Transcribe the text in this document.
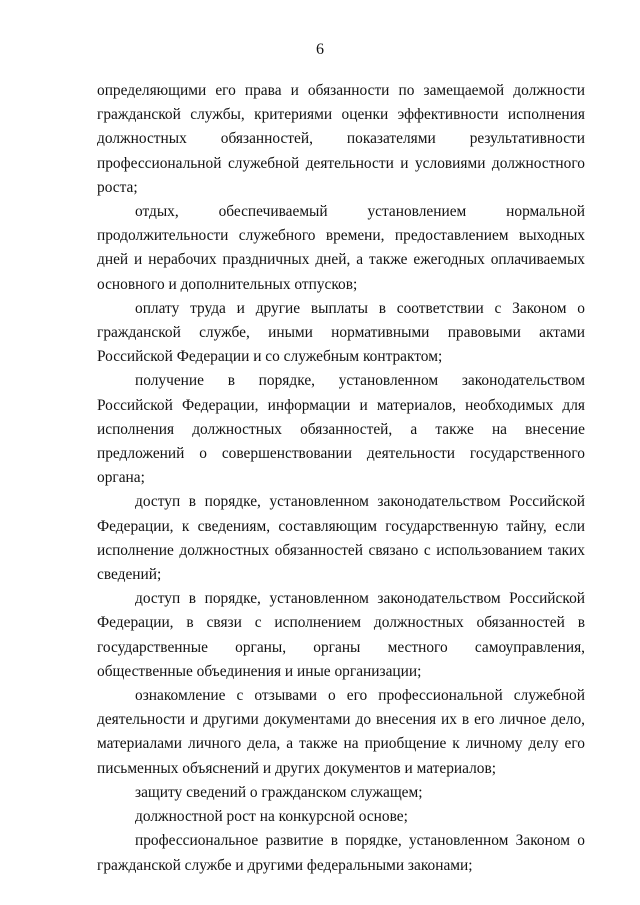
6

определяющими его права и обязанности по замещаемой должности гражданской службы, критериями оценки эффективности исполнения должностных обязанностей, показателями результативности профессиональной служебной деятельности и условиями должностного роста;

отдых, обеспечиваемый установлением нормальной продолжительности служебного времени, предоставлением выходных дней и нерабочих праздничных дней, а также ежегодных оплачиваемых основного и дополнительных отпусков;

оплату труда и другие выплаты в соответствии с Законом о гражданской службе, иными нормативными правовыми актами Российской Федерации и со служебным контрактом;

получение в порядке, установленном законодательством Российской Федерации, информации и материалов, необходимых для исполнения должностных обязанностей, а также на внесение предложений о совершенствовании деятельности государственного органа;

доступ в порядке, установленном законодательством Российской Федерации, к сведениям, составляющим государственную тайну, если исполнение должностных обязанностей связано с использованием таких сведений;

доступ в порядке, установленном законодательством Российской Федерации, в связи с исполнением должностных обязанностей в государственные органы, органы местного самоуправления, общественные объединения и иные организации;

ознакомление с отзывами о его профессиональной служебной деятельности и другими документами до внесения их в его личное дело, материалами личного дела, а также на приобщение к личному делу его письменных объяснений и других документов и материалов;

защиту сведений о гражданском служащем;

должностной рост на конкурсной основе;

профессиональное развитие в порядке, установленном Законом о гражданской службе и другими федеральными законами;
